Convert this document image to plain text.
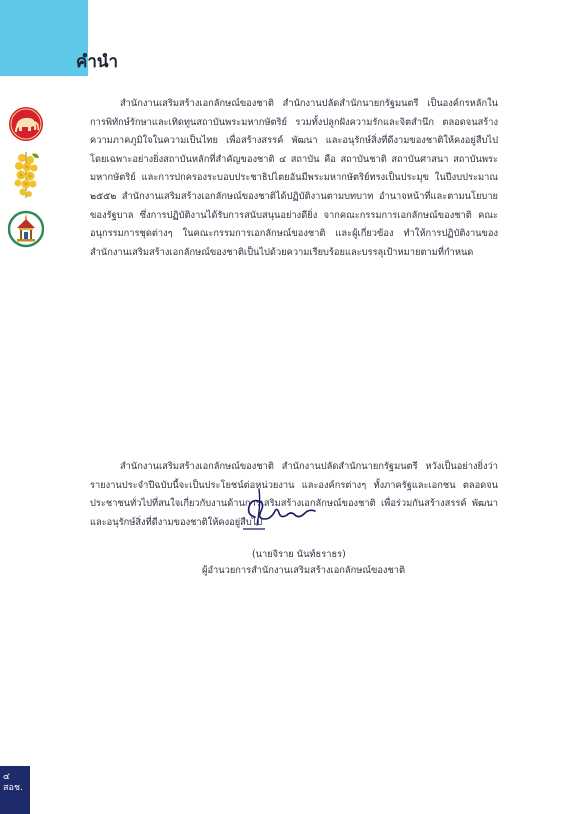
คำนำ
สำนักงานเสริมสร้างเอกลักษณ์ของชาติ สำนักงานปลัดสำนักนายกรัฐมนตรี เป็นองค์กรหลักในการพิทักษ์รักษาและเทิดทูนสถาบันพระมหากษัตริย์ รวมทั้งปลูกฝังความรักและจิตสำนึก ตลอดจนสร้างความภาคภูมิใจในความเป็นไทย เพื่อสร้างสรรค์ พัฒนา และอนุรักษ์สิ่งที่ดีงามของชาติให้คงอยู่สืบไป โดยเฉพาะอย่างยิ่งสถาบันหลักที่สำคัญของชาติ ๔ สถาบัน คือ สถาบันชาติ สถาบันศาสนา สถาบันพระมหากษัตริย์ และการปกครองระบอบประชาธิปไตยอันมีพระมหากษัตริย์ทรงเป็นประมุข ในปีงบประมาณ ๒๕๕๒ สำนักงานเสริมสร้างเอกลักษณ์ของชาติได้ปฏิบัติงานตามบทบาท อำนาจหน้าที่และตามนโยบายของรัฐบาล ซึ่งการปฏิบัติงานได้รับการสนับสนุนอย่างดียิ่ง จากคณะกรรมการเอกลักษณ์ของชาติ คณะอนุกรรมการชุดต่างๆ ในคณะกรรมการเอกลักษณ์ของชาติ และผู้เกี่ยวข้อง ทำให้การปฏิบัติงานของสำนักงานเสริมสร้างเอกลักษณ์ของชาติเป็นไปด้วยความเรียบร้อยและบรรลุเป้าหมายตามที่กำหนด
สำนักงานเสริมสร้างเอกลักษณ์ของชาติ สำนักงานปลัดสำนักนายกรัฐมนตรี หวังเป็นอย่างยิ่งว่ารายงานประจำปีฉบับนี้จะเป็นประโยชน์ต่อหน่วยงาน และองค์กรต่างๆ ทั้งภาครัฐและเอกชน ตลอดจนประชาชนทั่วไปที่สนใจเกี่ยวกับงานด้านการเสริมสร้างเอกลักษณ์ของชาติ เพื่อร่วมกันสร้างสรรค์ พัฒนา และอนุรักษ์สิ่งที่ดีงามของชาติให้คงอยู่สืบไป
(นายจิราย นันท์ธราธร)
ผู้อำนวยการสำนักงานเสริมสร้างเอกลักษณ์ของชาติ
๔
สอช.
